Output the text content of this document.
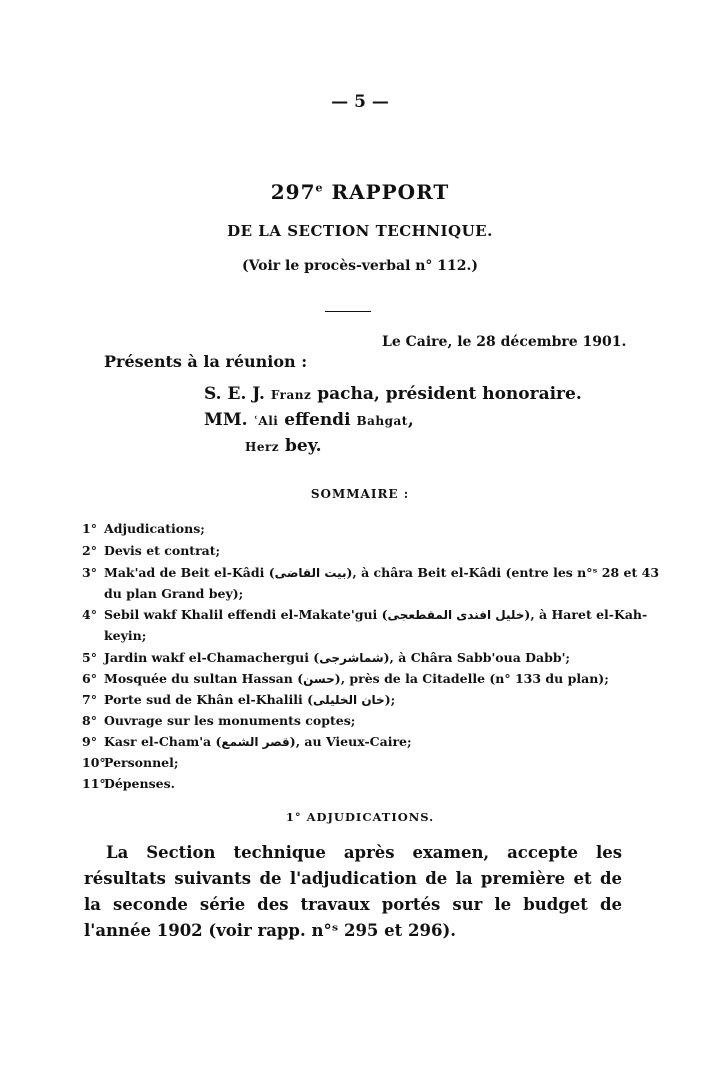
— 5 —
297e RAPPORT
DE LA SECTION TECHNIQUE.
(Voir le procès-verbal n° 112.)
Le Caire, le 28 décembre 1901.
Présents à la réunion :
S. E. J. Franz pacha, président honoraire.
MM. ʿAli effendi Bahgat,
Herz bey.
SOMMAIRE :
1° Adjudications;
2° Devis et contrat;
3° Mak'ad de Beit el-Kâdi (بيت القاضى), à châra Beit el-Kâdi (entre les n°ˢ 28 et 43
du plan Grand bey);
4° Sebil wakf Khalil effendi el-Makate'gui (خليل افندى المقطعجى), à Haret el-Kah-
keyin;
5° Jardin wakf el-Chamachergui (شماشرجى), à Châra Sabb'oua Dabb';
6° Mosquée du sultan Hassan (حسن), près de la Citadelle (n° 133 du plan);
7° Porte sud de Khân el-Khalili (خان الخليلى);
8° Ouvrage sur les monuments coptes;
9° Kasr el-Cham'a (قصر الشمع), au Vieux-Caire;
10°Personnel;
11°Dépenses.
1° ADJUDICATIONS.
La Section technique après examen, accepte les résultats suivants de l'adjudication de la première et de la seconde série des travaux portés sur le budget de l'année 1902 (voir rapp. n°ˢ 295 et 296).
